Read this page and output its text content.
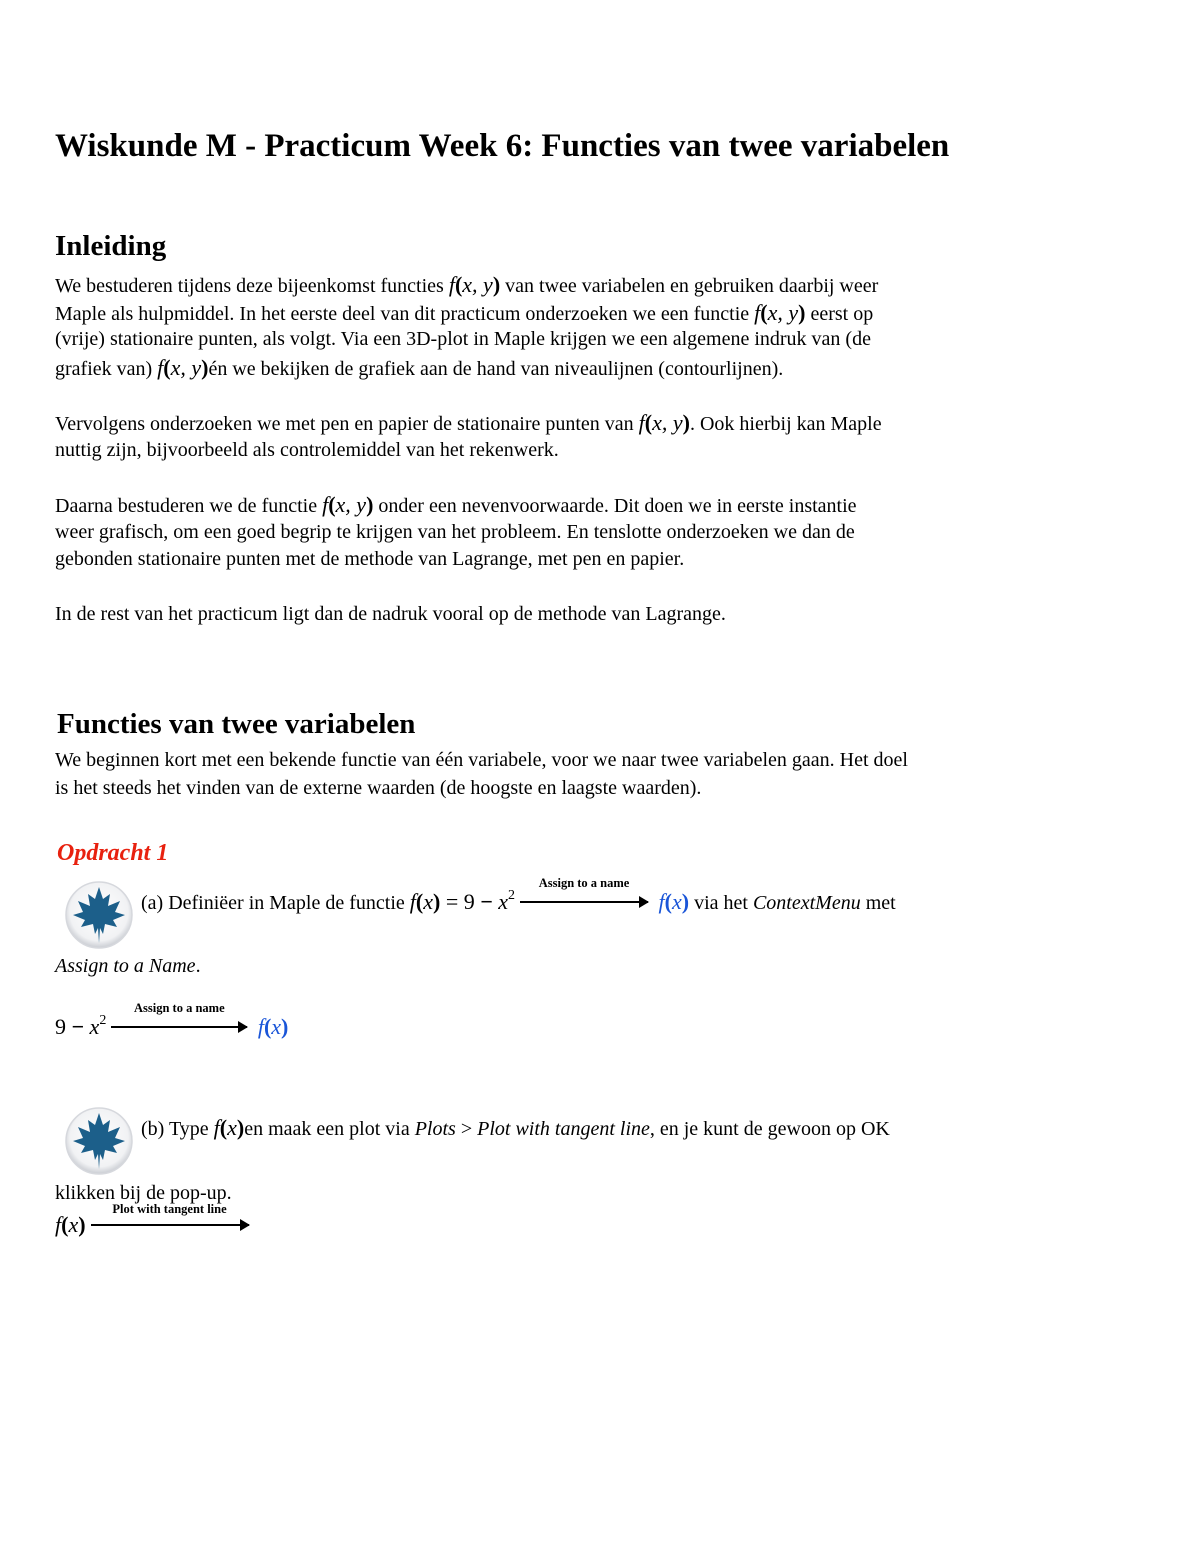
Wiskunde M - Practicum Week 6: Functies van twee variabelen
Inleiding
We bestuderen tijdens deze bijeenkomst functies f(x, y) van twee variabelen en gebruiken daarbij weer
Maple als hulpmiddel. In het eerste deel van dit practicum onderzoeken we een functie f(x, y) eerst op
(vrije) stationaire punten, als volgt. Via een 3D-plot in Maple krijgen we een algemene indruk van (de
grafiek van) f(x, y)én we bekijken de grafiek aan de hand van niveaulijnen (contourlijnen).
Vervolgens onderzoeken we met pen en papier de stationaire punten van f(x, y). Ook hierbij kan Maple
nuttig zijn, bijvoorbeeld als controlemiddel van het rekenwerk.
Daarna bestuderen we de functie f(x, y) onder een nevenvoorwaarde. Dit doen we in eerste instantie
weer grafisch, om een goed begrip te krijgen van het probleem. En tenslotte onderzoeken we dan de
gebonden stationaire punten met de methode van Lagrange, met pen en papier.
In de rest van het practicum ligt dan de nadruk vooral op de methode van Lagrange.
Functies van twee variabelen
We beginnen kort met een bekende functie van één variabele, voor we naar twee variabelen gaan. Het doel
is het steeds het vinden van de externe waarden (de hoogste en laagste waarden).
Opdracht 1
(a) Definiëer in Maple de functie $f(x) = 9 - x^2$
Assign to a name
f(x) via het ContextMenu met
Assign to a Name.
$9 - x^2$
Assign to a name
f(x)
(b) Type f(x)en maak een plot via Plots > Plot with tangent line, en je kunt de gewoon op OK
klikken bij de pop-up.
f(x)
Plot with tangent line
